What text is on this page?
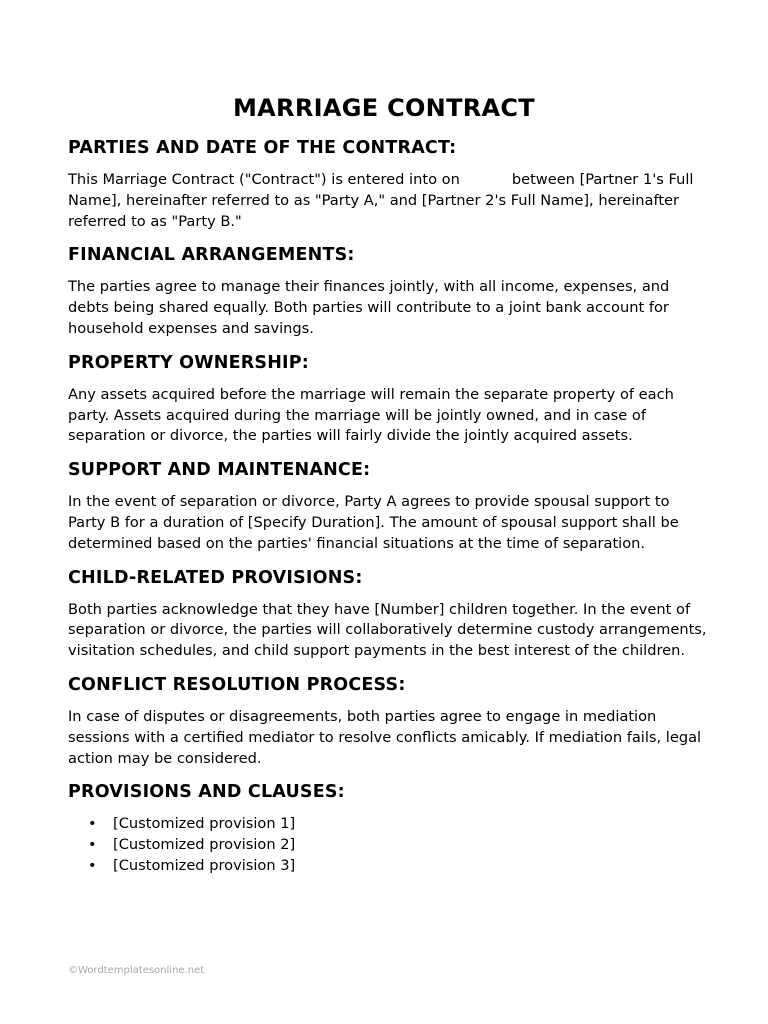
MARRIAGE CONTRACT
PARTIES AND DATE OF THE CONTRACT:
This Marriage Contract ("Contract") is entered into on	between [Partner 1's Full Name], hereinafter referred to as "Party A," and [Partner 2's Full Name], hereinafter referred to as "Party B."
FINANCIAL ARRANGEMENTS:
The parties agree to manage their finances jointly, with all income, expenses, and debts being shared equally. Both parties will contribute to a joint bank account for household expenses and savings.
PROPERTY OWNERSHIP:
Any assets acquired before the marriage will remain the separate property of each party. Assets acquired during the marriage will be jointly owned, and in case of separation or divorce, the parties will fairly divide the jointly acquired assets.
SUPPORT AND MAINTENANCE:
In the event of separation or divorce, Party A agrees to provide spousal support to Party B for a duration of [Specify Duration]. The amount of spousal support shall be determined based on the parties' financial situations at the time of separation.
CHILD-RELATED PROVISIONS:
Both parties acknowledge that they have [Number] children together. In the event of separation or divorce, the parties will collaboratively determine custody arrangements, visitation schedules, and child support payments in the best interest of the children.
CONFLICT RESOLUTION PROCESS:
In case of disputes or disagreements, both parties agree to engage in mediation sessions with a certified mediator to resolve conflicts amicably. If mediation fails, legal action may be considered.
PROVISIONS AND CLAUSES:
• [Customized provision 1]
• [Customized provision 2]
• [Customized provision 3]
©Wordtemplatesonline.net
